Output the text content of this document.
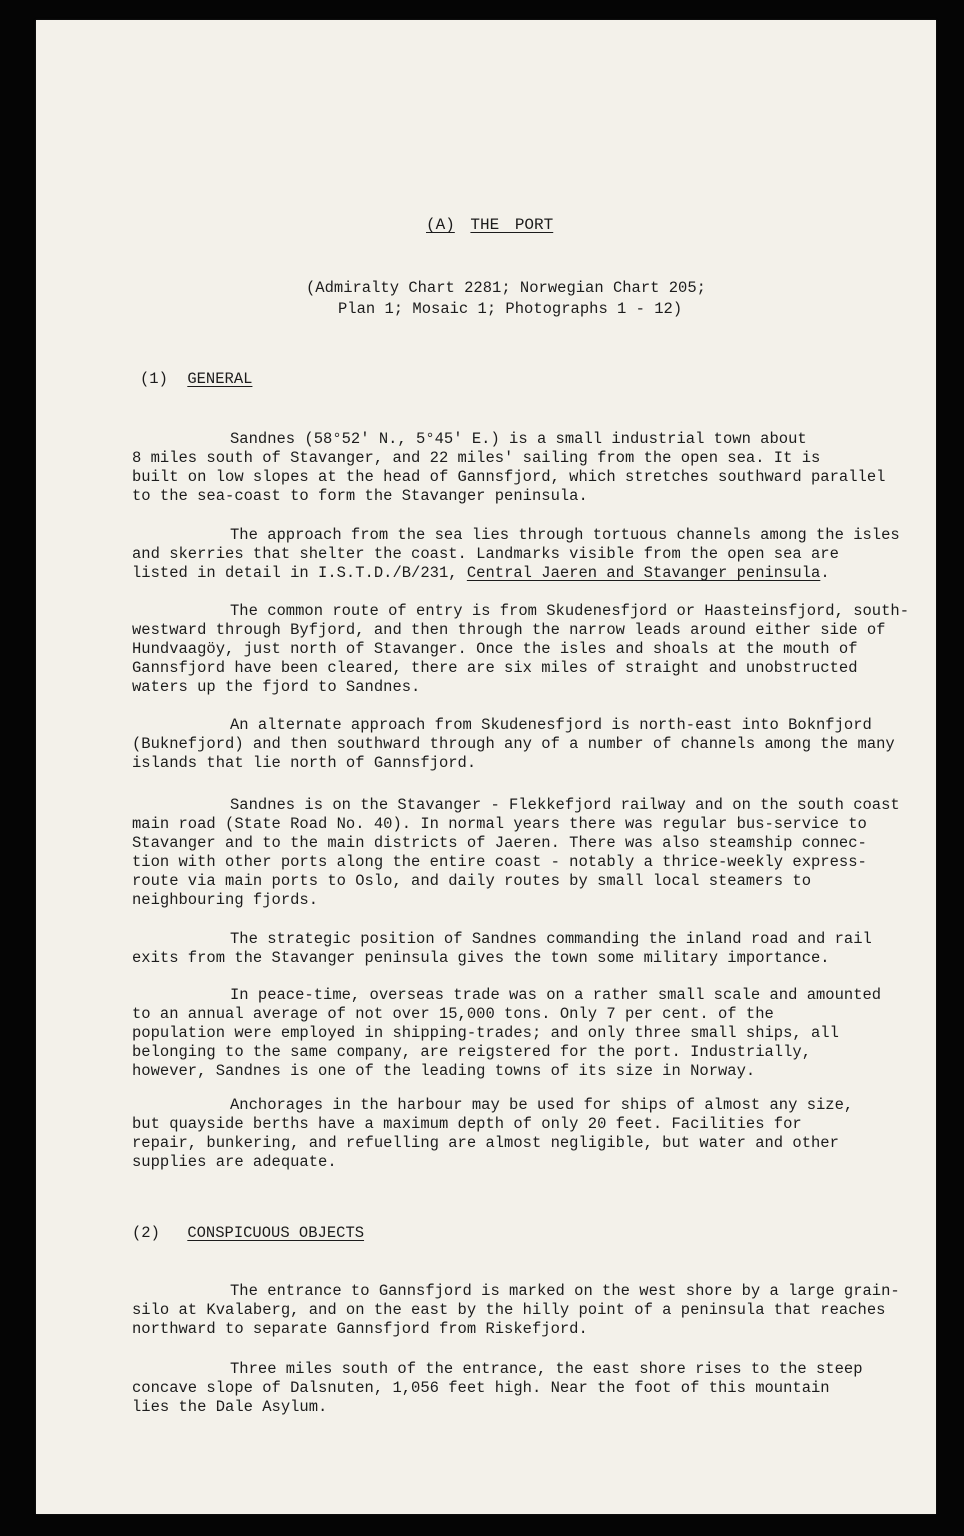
(A) THE PORT
(Admiralty Chart 2281; Norwegian Chart 205;
Plan 1; Mosaic 1; Photographs 1 - 12)
(1) GENERAL
Sandnes (58°52' N., 5°45' E.) is a small industrial town about
8 miles south of Stavanger, and 22 miles' sailing from the open sea. It is
built on low slopes at the head of Gannsfjord, which stretches southward parallel
to the sea-coast to form the Stavanger peninsula.
The approach from the sea lies through tortuous channels among the isles
and skerries that shelter the coast. Landmarks visible from the open sea are
listed in detail in I.S.T.D./B/231, Central Jaeren and Stavanger peninsula.
The common route of entry is from Skudenesfjord or Haasteinsfjord, south-
westward through Byfjord, and then through the narrow leads around either side of
Hundvaagöy, just north of Stavanger. Once the isles and shoals at the mouth of
Gannsfjord have been cleared, there are six miles of straight and unobstructed
waters up the fjord to Sandnes.
An alternate approach from Skudenesfjord is north-east into Boknfjord
(Buknefjord) and then southward through any of a number of channels among the many
islands that lie north of Gannsfjord.
Sandnes is on the Stavanger - Flekkefjord railway and on the south coast
main road (State Road No. 40). In normal years there was regular bus-service to
Stavanger and to the main districts of Jaeren. There was also steamship connec-
tion with other ports along the entire coast - notably a thrice-weekly express-
route via main ports to Oslo, and daily routes by small local steamers to
neighbouring fjords.
The strategic position of Sandnes commanding the inland road and rail
exits from the Stavanger peninsula gives the town some military importance.
In peace-time, overseas trade was on a rather small scale and amounted
to an annual average of not over 15,000 tons. Only 7 per cent. of the
population were employed in shipping-trades; and only three small ships, all
belonging to the same company, are reigstered for the port. Industrially,
however, Sandnes is one of the leading towns of its size in Norway.
Anchorages in the harbour may be used for ships of almost any size,
but quayside berths have a maximum depth of only 20 feet. Facilities for
repair, bunkering, and refuelling are almost negligible, but water and other
supplies are adequate.
(2) CONSPICUOUS OBJECTS
The entrance to Gannsfjord is marked on the west shore by a large grain-
silo at Kvalaberg, and on the east by the hilly point of a peninsula that reaches
northward to separate Gannsfjord from Riskefjord.
Three miles south of the entrance, the east shore rises to the steep
concave slope of Dalsnuten, 1,056 feet high. Near the foot of this mountain
lies the Dale Asylum.
